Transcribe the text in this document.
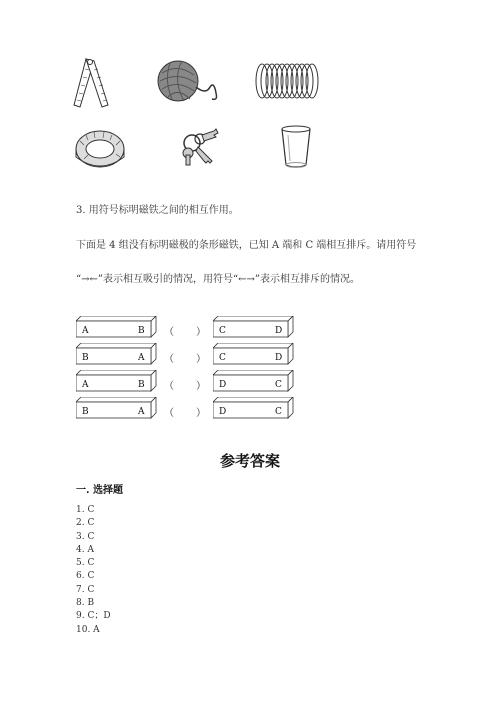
3. 用符号标明磁铁之间的相互作用。
下面是 4 组没有标明磁极的条形磁铁，已知 A 端和 C 端相互排斥。请用符号
“→←”表示相互吸引的情况，用符号“←→”表示相互排斥的情况。
A	B （ ） C	D
B	A （ ） C	D
A	B （ ） D	C
B	A （ ） D	C
参考答案
一. 选择题
1. C
2. C
3. C
4. A
5. C
6. C
7. C
8. B
9. C；D
10. A
